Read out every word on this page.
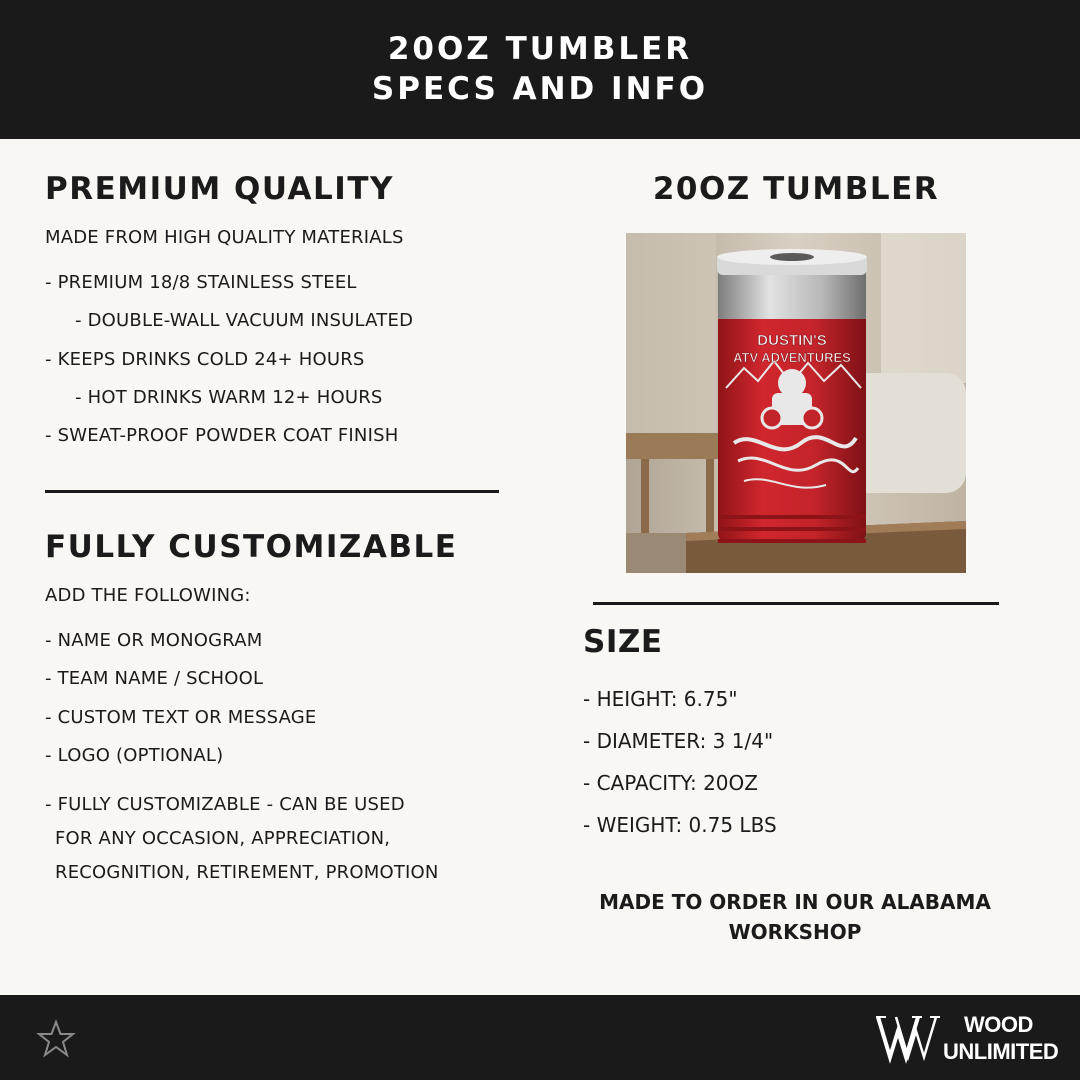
20OZ TUMBLER
SPECS AND INFO
PREMIUM QUALITY
MADE FROM HIGH QUALITY MATERIALS
- PREMIUM 18/8 STAINLESS STEEL
- DOUBLE-WALL VACUUM INSULATED
- KEEPS DRINKS COLD 24+ HOURS
- HOT DRINKS WARM 12+ HOURS
- SWEAT-PROOF POWDER COAT FINISH
FULLY CUSTOMIZABLE
ADD THE FOLLOWING:
- NAME OR MONOGRAM
- TEAM NAME / SCHOOL
- CUSTOM TEXT OR MESSAGE
- LOGO (OPTIONAL)
- FULLY CUSTOMIZABLE - CAN BE USED
FOR ANY OCCASION, APPRECIATION,
RECOGNITION, RETIREMENT, PROMOTION
20OZ TUMBLER
DUSTIN'S
ATV ADVENTURES
SIZE
- HEIGHT: 6.75"
- DIAMETER: 3 1/4"
- CAPACITY: 20OZ
- WEIGHT: 0.75 LBS
MADE TO ORDER IN OUR ALABAMA
WORKSHOP
WOOD
UNLIMITED
